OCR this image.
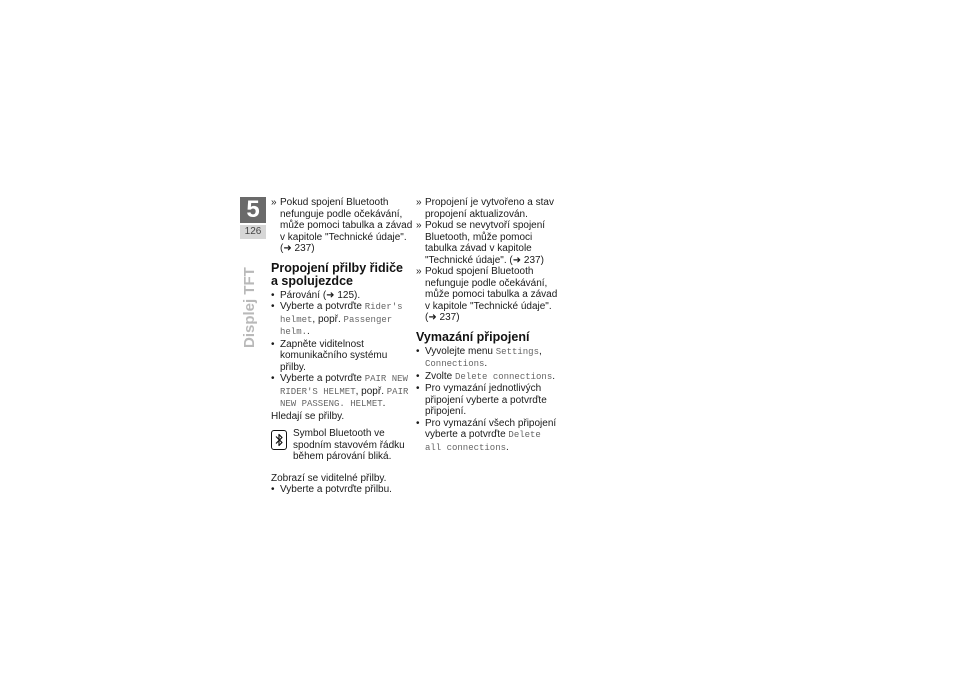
5
126
Displej TFT

» Pokud spojení Bluetooth nefunguje podle očekávání, může pomoci tabulka a závad v kapitole "Technické údaje". (➜ 237)

Propojení přilby řidiče a spolujezdce

• Párování (➜ 125).

• Vyberte a potvrďte Rider's helmet, popř. Passenger helm..

• Zapněte viditelnost komunikačního systému přilby.

• Vyberte a potvrďte PAIR NEW RIDER'S HELMET, popř. PAIR NEW PASSENG. HELMET.

Hledají se přilby.

Symbol Bluetooth ve spodním stavovém řádku během párování bliká.

Zobrazí se viditelné přilby.

• Vyberte a potvrďte přilbu.

» Propojení je vytvořeno a stav propojení aktualizován.

» Pokud se nevytvoří spojení Bluetooth, může pomoci tabulka závad v kapitole "Technické údaje". (➜ 237)

» Pokud spojení Bluetooth nefunguje podle očekávání, může pomoci tabulka a závad v kapitole "Technické údaje". (➜ 237)

Vymazání připojení

• Vyvolejte menu Settings, Connections.

• Zvolte Delete connections.

• Pro vymazání jednotlivých připojení vyberte a potvrďte připojení.

• Pro vymazání všech připojení vyberte a potvrďte Delete all connections.
